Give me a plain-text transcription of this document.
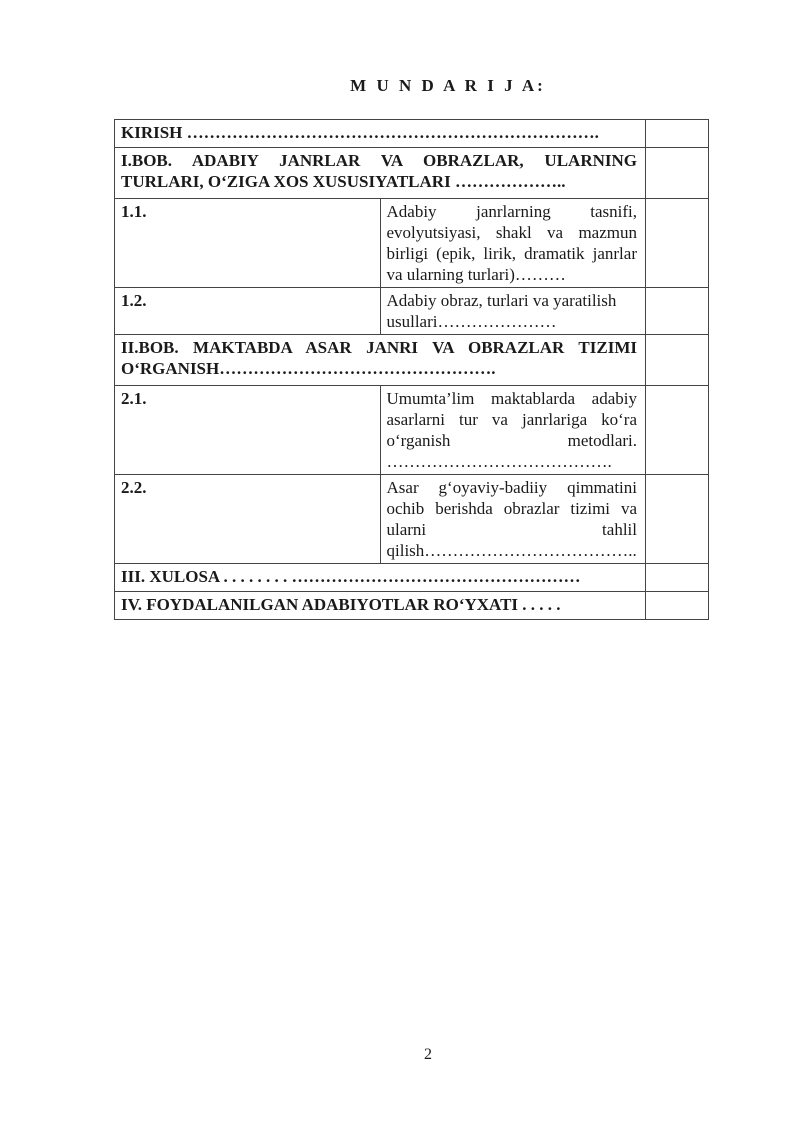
M U N D A R I J A:
KIRISH ……………………………………………………………….		

I.BOB. ADABIY JANRLAR VA OBRAZLAR, ULARNING TURLARI, O‘ZIGA XOS XUSUSIYATLARI ………………..		

1.1.	Adabiy janrlarning tasnifi, evolyutsiyasi, shakl va mazmun birligi (epik, lirik, dramatik janrlar va ularning turlari)………	

1.2.	Adabiy obraz, turlari va yaratilish usullari…………………	

II.BOB. MAKTABDA ASAR JANRI VA OBRAZLAR TIZIMI O‘RGANISH………………………………………….		

2.1.	Umumta’lim maktablarda adabiy asarlarni tur va janrlariga ko‘ra o‘rganish metodlari. ………………………………….	

2.2.	Asar g‘oyaviy-badiiy qimmatini ochib berishda obrazlar tizimi va ularni tahlil qilish………………………………..	

III. XULOSA . . . . . . . . ……………………………………………		

IV. FOYDALANILGAN ADABIYOTLAR RO‘YXATI . . . . .		
2
